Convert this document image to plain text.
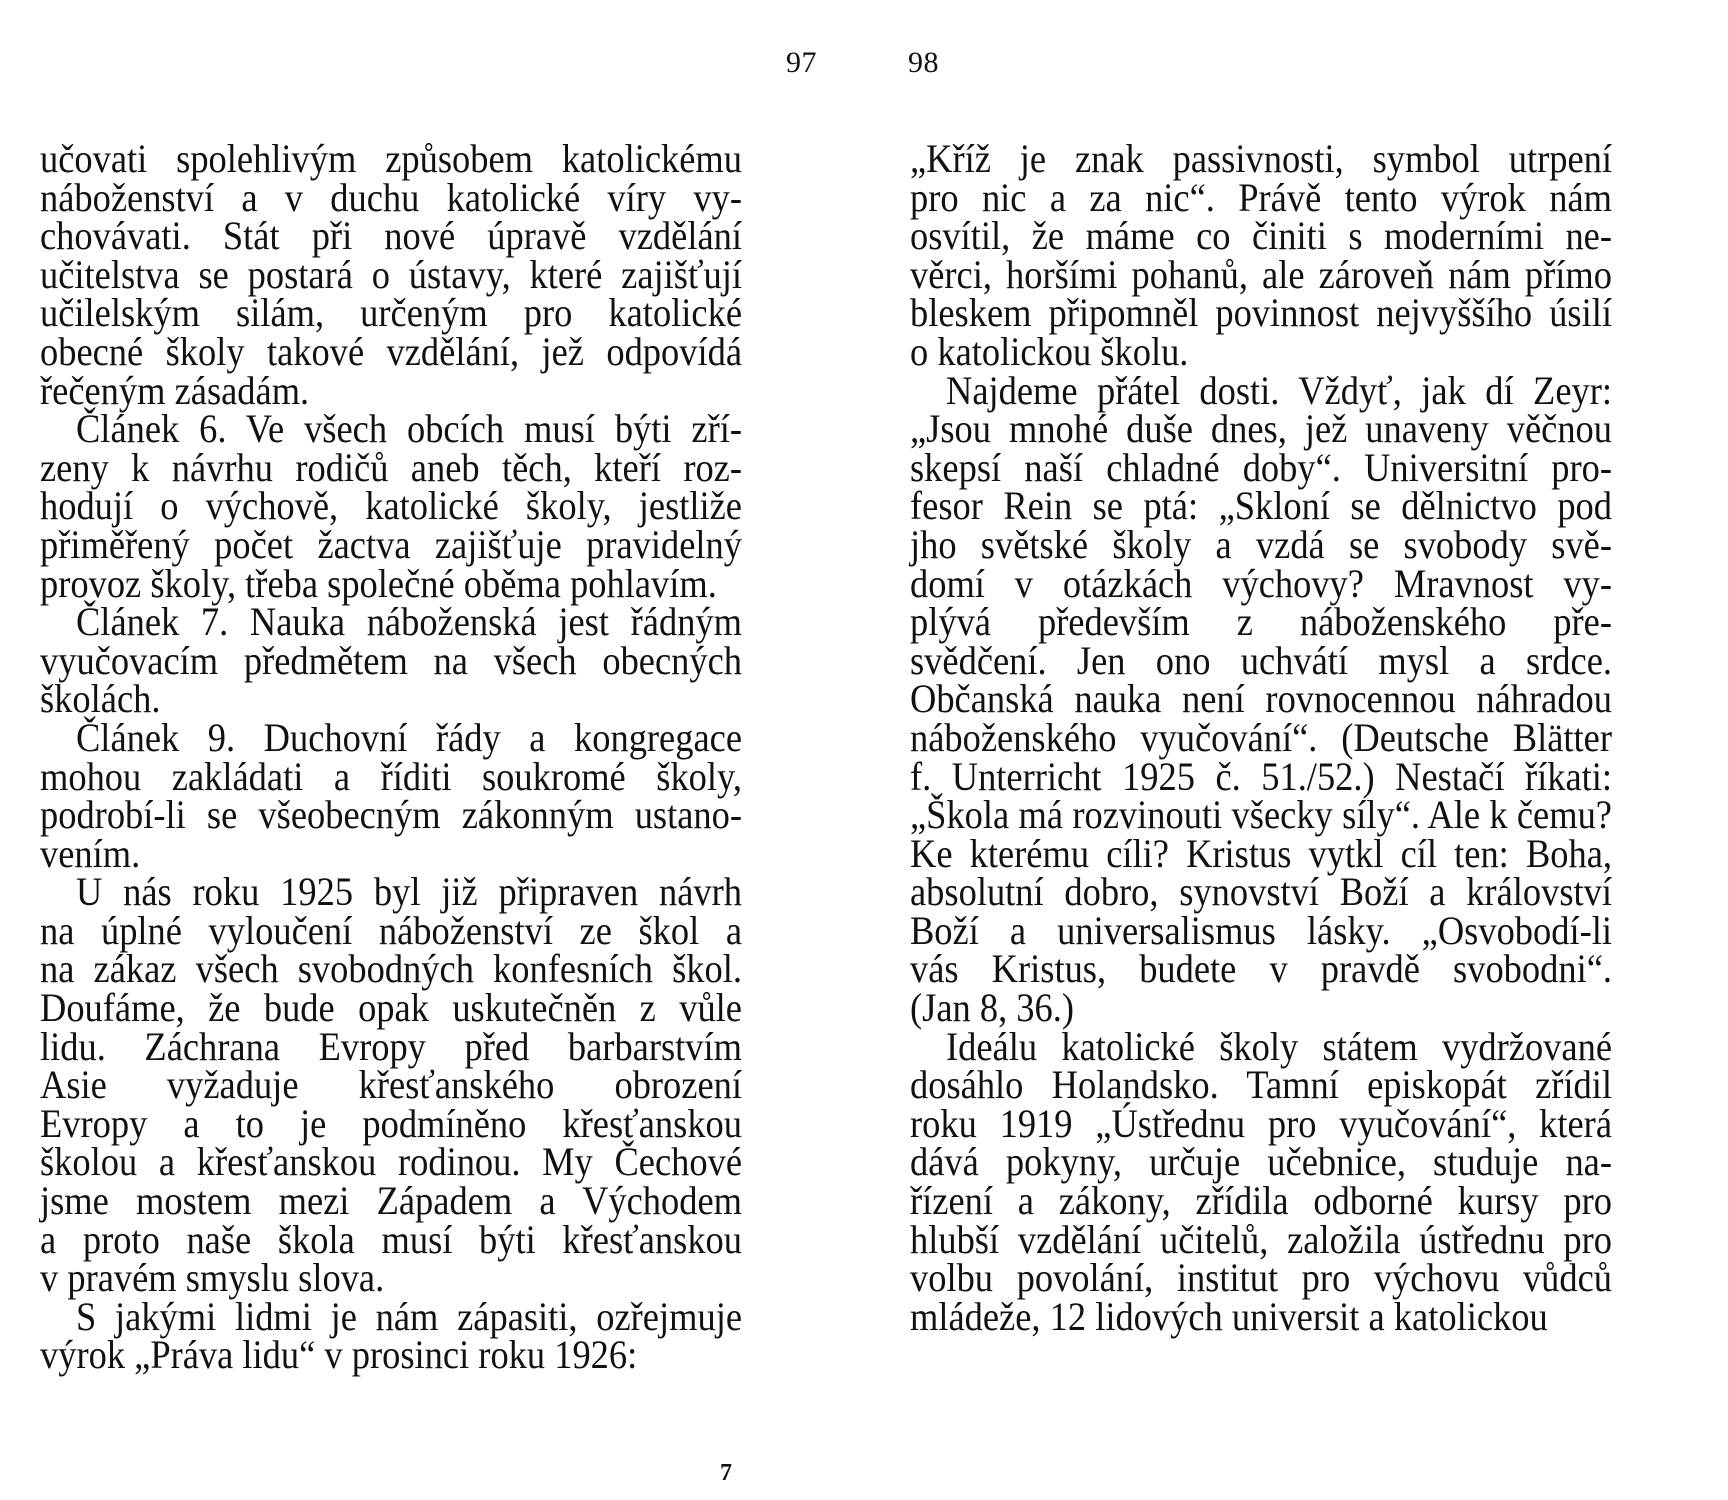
97	98
učovati spolehlivým způsobem katolickému
náboženství a v duchu katolické víry vy-
chovávati. Stát při nové úpravě vzdělání
učitelstva se postará o ústavy, které zajišťují
učilelským silám, určeným pro katolické
obecné školy takové vzdělání, jež odpovídá
řečeným zásadám.
Článek 6. Ve všech obcích musí býti zří-
zeny k návrhu rodičů aneb těch, kteří roz-
hodují o výchově, katolické školy, jestliže
přiměřený počet žactva zajišťuje pravidelný
provoz školy, třeba společné oběma pohlavím.
Článek 7. Nauka náboženská jest řádným
vyučovacím předmětem na všech obecných
školách.
Článek 9. Duchovní řády a kongregace
mohou zakládati a říditi soukromé školy,
podrobí-li se všeobecným zákonným ustano-
vením.
U nás roku 1925 byl již připraven návrh
na úplné vyloučení náboženství ze škol a
na zákaz všech svobodných konfesních škol.
Doufáme, že bude opak uskutečněn z vůle
lidu. Záchrana Evropy před barbarstvím
Asie vyžaduje křesťanského obrození
Evropy a to je podmíněno křesťanskou
školou a křesťanskou rodinou. My Čechové
jsme mostem mezi Západem a Východem
a proto naše škola musí býti křesťanskou
v pravém smyslu slova.
S jakými lidmi je nám zápasiti, ozřejmuje
výrok „Práva lidu“ v prosinci roku 1926:
„Kříž je znak passivnosti, symbol utrpení
pro nic a za nic“. Právě tento výrok nám
osvítil, že máme co činiti s moderními ne-
věrci, horšími pohanů, ale zároveň nám přímo
bleskem připomněl povinnost nejvyššího úsilí
o katolickou školu.
Najdeme přátel dosti. Vždyť, jak dí Zeyr:
„Jsou mnohé duše dnes, jež unaveny věčnou
skepsí naší chladné doby“. Universitní pro-
fesor Rein se ptá: „Skloní se dělnictvo pod
jho světské školy a vzdá se svobody svě-
domí v otázkách výchovy? Mravnost vy-
plývá především z náboženského pře-
svědčení. Jen ono uchvátí mysl a srdce.
Občanská nauka není rovnocennou náhradou
náboženského vyučování“. (Deutsche Blätter
f. Unterricht 1925 č. 51./52.) Nestačí říkati:
„Škola má rozvinouti všecky síly“. Ale k čemu?
Ke kterému cíli? Kristus vytkl cíl ten: Boha,
absolutní dobro, synovství Boží a království
Boží a universalismus lásky. „Osvobodí-li
vás Kristus, budete v pravdě svobodni“.
(Jan 8, 36.)
Ideálu katolické školy státem vydržované
dosáhlo Holandsko. Tamní episkopát zřídil
roku 1919 „Ústřednu pro vyučování“, která
dává pokyny, určuje učebnice, studuje na-
řízení a zákony, zřídila odborné kursy pro
hlubší vzdělání učitelů, založila ústřednu pro
volbu povolání, institut pro výchovu vůdců
mládeže, 12 lidových universit a katolickou
7
